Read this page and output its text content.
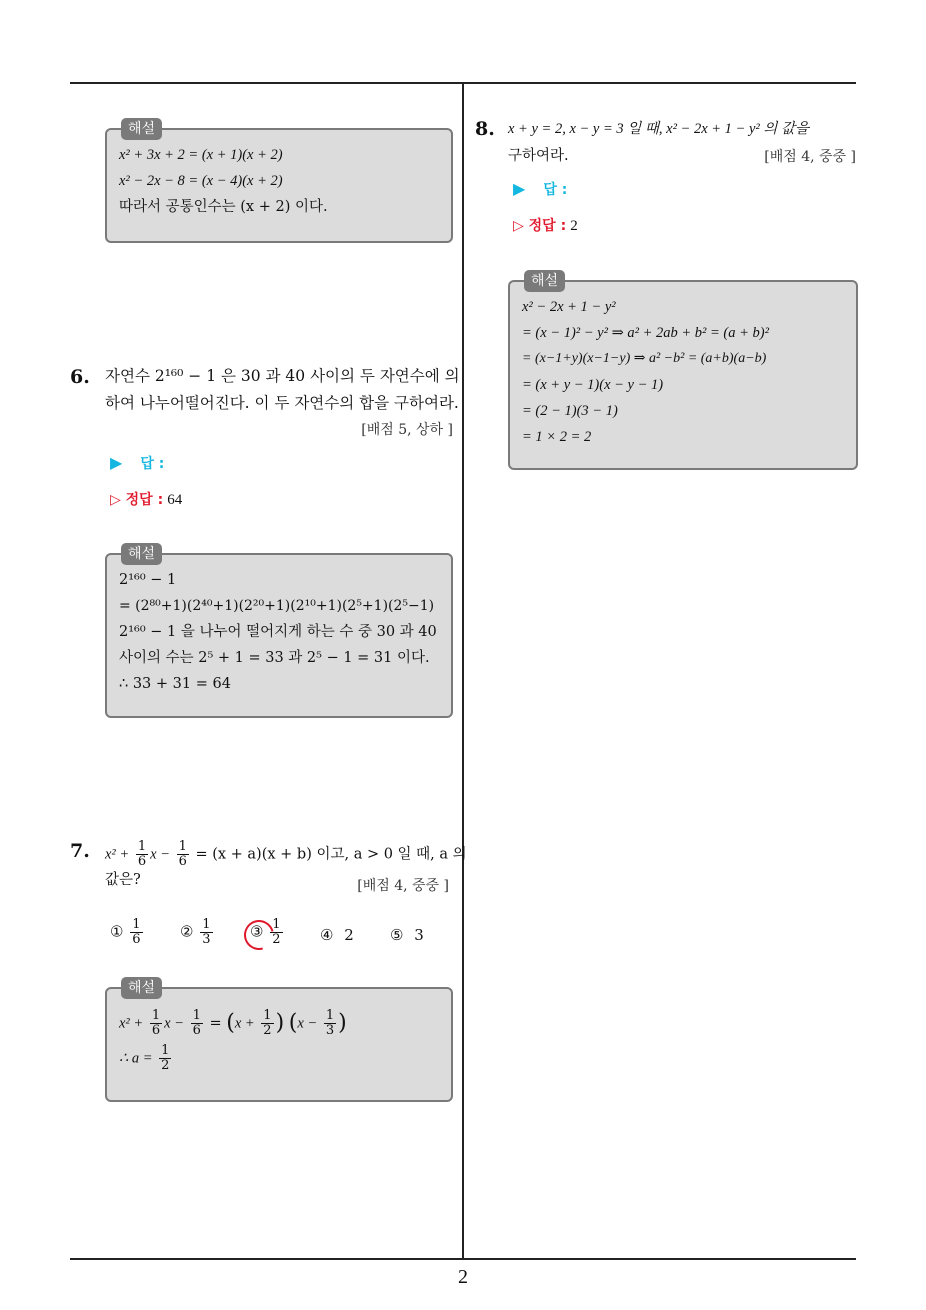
해설
x² + 3x + 2 = (x + 1)(x + 2)
x² − 2x − 8 = (x − 4)(x + 2)
따라서 공통인수는 (x + 2) 이다.
6. 자연수 2¹⁶⁰ − 1 은 30 과 40 사이의 두 자연수에 의
하여 나누어떨어진다. 이 두 자연수의 합을 구하여라.
[배점 5, 상하 ]
▶ 답 :
▷ 정답 : 64
해설
2¹⁶⁰ − 1
= (2⁸⁰+1)(2⁴⁰+1)(2²⁰+1)(2¹⁰+1)(2⁵+1)(2⁵−1)
2¹⁶⁰ − 1 을 나누어 떨어지게 하는 수 중 30 과 40
사이의 수는 2⁵ + 1 = 33 과 2⁵ − 1 = 31 이다.
∴ 33 + 31 = 64
7. $x^2 + \frac{1}{6}$ $x - \frac{1}{6} = (x + a)(x + b)$ 이고, a > 0 일 때, a 의
값은?	[배점 4, 중중 ]
① $\frac{1}{6}$ ② $\frac{1}{3}$ ③ $\frac{1}{2}$ ④ 2 ⑤ 3
해설
$x^2 + \frac{1}{6}$ $x - \frac{1}{6} = (x + \frac{1}{2}$ ) ($x - \frac{1}{3}$ )
∴ $a = \frac{1}{2}$
8. x + y = 2, x − y = 3 일 때, x² − 2x + 1 − y² 의 값을
구하여라.	[배점 4, 중중 ]
▶ 답 :
▷ 정답 : 2
해설
x² − 2x + 1 − y²
= (x − 1)² − y² ⇒ a² + 2ab + b² = (a + b)²
= (x−1+y)(x−1−y) ⇒ a² −b² = (a+b)(a−b)
= (x + y − 1)(x − y − 1)
= (2 − 1)(3 − 1)
= 1 × 2 = 2
2
